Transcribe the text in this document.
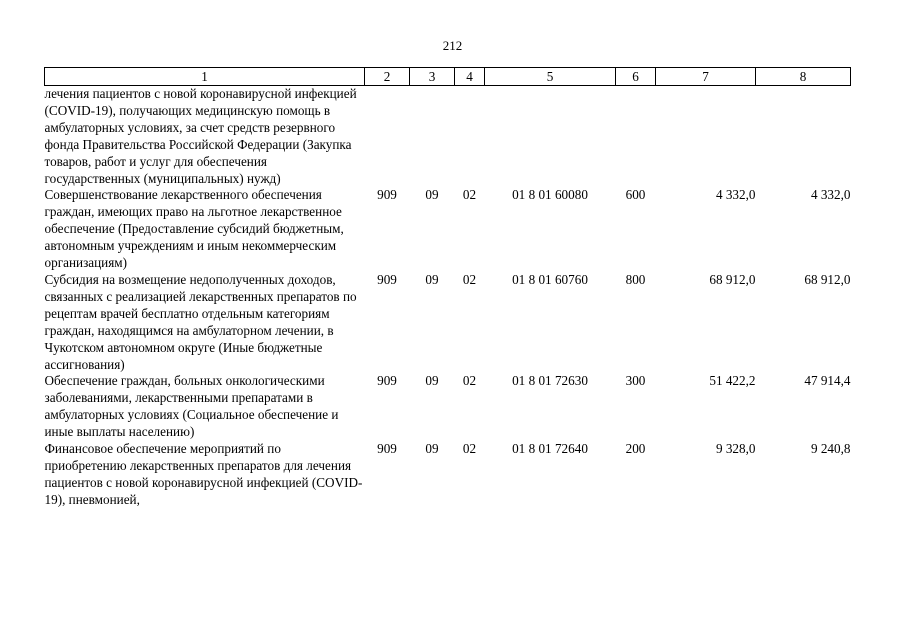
212
1	2	3	4	5	6	7	8
лечения пациентов с новой коронавирусной инфекцией (COVID-19), получающих медицинскую помощь в амбулаторных условиях, за счет средств резервного фонда Правительства Российской Федерации (Закупка товаров, работ и услуг для обеспечения государственных (муниципальных) нужд)							
Совершенствование лекарственного обеспечения граждан, имеющих право на льготное лекарственное обеспечение (Предоставление субсидий бюджетным, автономным учреждениям и иным некоммерческим организациям)	909	09	02	01 8 01 60080	600	4 332,0	4 332,0
Субсидия на возмещение недополученных доходов, связанных с реализацией лекарственных препаратов по рецептам врачей бесплатно отдельным категориям граждан, находящимся на амбулаторном лечении, в Чукотском автономном округе (Иные бюджетные ассигнования)	909	09	02	01 8 01 60760	800	68 912,0	68 912,0
Обеспечение граждан, больных онкологическими заболеваниями, лекарственными препаратами в амбулаторных условиях (Социальное обеспечение и иные выплаты населению)	909	09	02	01 8 01 72630	300	51 422,2	47 914,4
Финансовое обеспечение мероприятий по приобретению лекарственных препаратов для лечения пациентов с новой коронавирусной инфекцией (COVID-19), пневмонией,	909	09	02	01 8 01 72640	200	9 328,0	9 240,8
